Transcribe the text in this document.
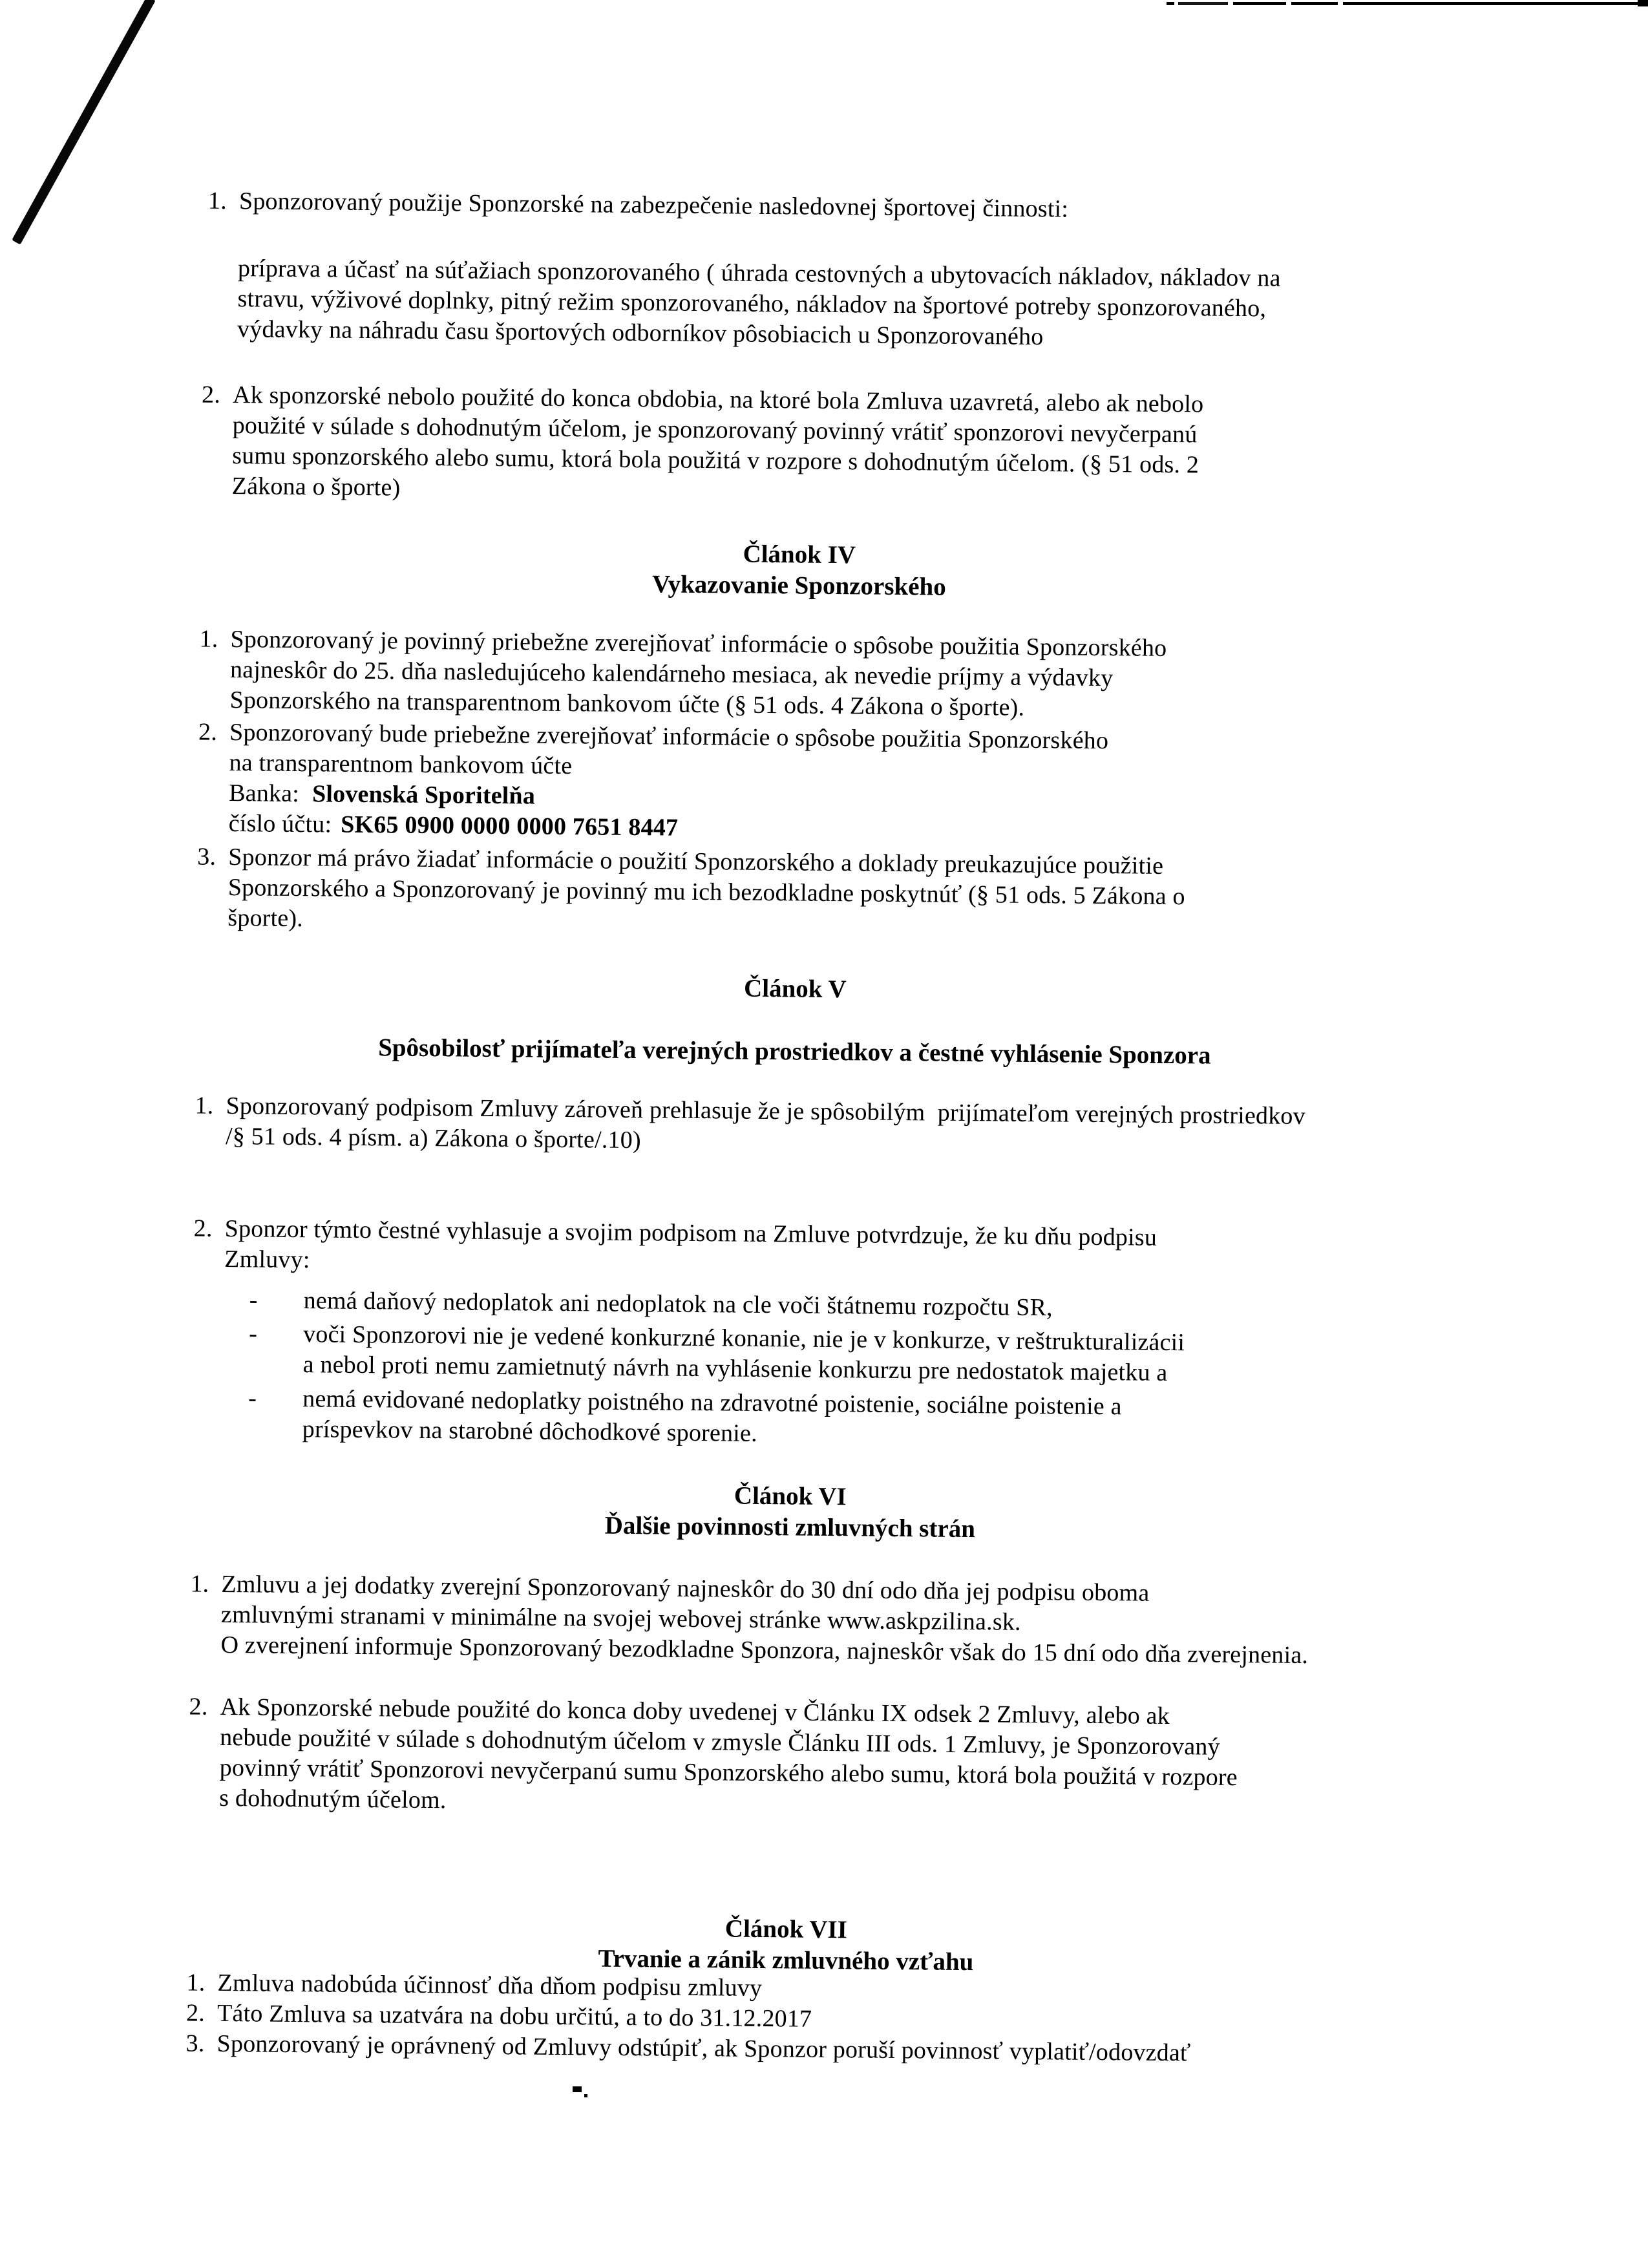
1. Sponzorovaný použije Sponzorské na zabezpečenie nasledovnej športovej činnosti:
príprava a účasť na súťažiach sponzorovaného ( úhrada cestovných a ubytovacích nákladov, nákladov na
stravu, výživové doplnky, pitný režim sponzorovaného, nákladov na športové potreby sponzorovaného,
výdavky na náhradu času športových odborníkov pôsobiacich u Sponzorovaného
2. Ak sponzorské nebolo použité do konca obdobia, na ktoré bola Zmluva uzavretá, alebo ak nebolo
použité v súlade s dohodnutým účelom, je sponzorovaný povinný vrátiť sponzorovi nevyčerpanú
sumu sponzorského alebo sumu, ktorá bola použitá v rozpore s dohodnutým účelom. (§ 51 ods. 2
Zákona o športe)
Článok IV
Vykazovanie Sponzorského
1. Sponzorovaný je povinný priebežne zverejňovať informácie o spôsobe použitia Sponzorského
najneskôr do 25. dňa nasledujúceho kalendárneho mesiaca, ak nevedie príjmy a výdavky
Sponzorského na transparentnom bankovom účte (§ 51 ods. 4 Zákona o športe).
2. Sponzorovaný bude priebežne zverejňovať informácie o spôsobe použitia Sponzorského
na transparentnom bankovom účte
Banka: Slovenská Sporitelňa
číslo účtu: SK65 0900 0000 0000 7651 8447
3. Sponzor má právo žiadať informácie o použití Sponzorského a doklady preukazujúce použitie
Sponzorského a Sponzorovaný je povinný mu ich bezodkladne poskytnúť (§ 51 ods. 5 Zákona o
športe).
Článok V
Spôsobilosť prijímateľa verejných prostriedkov a čestné vyhlásenie Sponzora
1. Sponzorovaný podpisom Zmluvy zároveň prehlasuje že je spôsobilým  prijímateľom verejných prostriedkov
/§ 51 ods. 4 písm. a) Zákona o športe/.10)
2. Sponzor týmto čestné vyhlasuje a svojim podpisom na Zmluve potvrdzuje, že ku dňu podpisu
Zmluvy:
- nemá daňový nedoplatok ani nedoplatok na cle voči štátnemu rozpočtu SR,
- voči Sponzorovi nie je vedené konkurzné konanie, nie je v konkurze, v reštrukturalizácii
a nebol proti nemu zamietnutý návrh na vyhlásenie konkurzu pre nedostatok majetku a
- nemá evidované nedoplatky poistného na zdravotné poistenie, sociálne poistenie a
príspevkov na starobné dôchodkové sporenie.
Článok VI
Ďalšie povinnosti zmluvných strán
1. Zmluvu a jej dodatky zverejní Sponzorovaný najneskôr do 30 dní odo dňa jej podpisu oboma
zmluvnými stranami v minimálne na svojej webovej stránke www.askpzilina.sk.
O zverejnení informuje Sponzorovaný bezodkladne Sponzora, najneskôr však do 15 dní odo dňa zverejnenia.
2. Ak Sponzorské nebude použité do konca doby uvedenej v Článku IX odsek 2 Zmluvy, alebo ak
nebude použité v súlade s dohodnutým účelom v zmysle Článku III ods. 1 Zmluvy, je Sponzorovaný
povinný vrátiť Sponzorovi nevyčerpanú sumu Sponzorského alebo sumu, ktorá bola použitá v rozpore
s dohodnutým účelom.
Článok VII
Trvanie a zánik zmluvného vzťahu
1. Zmluva nadobúda účinnosť dňa dňom podpisu zmluvy
2. Táto Zmluva sa uzatvára na dobu určitú, a to do 31.12.2017
3. Sponzorovaný je oprávnený od Zmluvy odstúpiť, ak Sponzor poruší povinnosť vyplatiť/odovzdať
